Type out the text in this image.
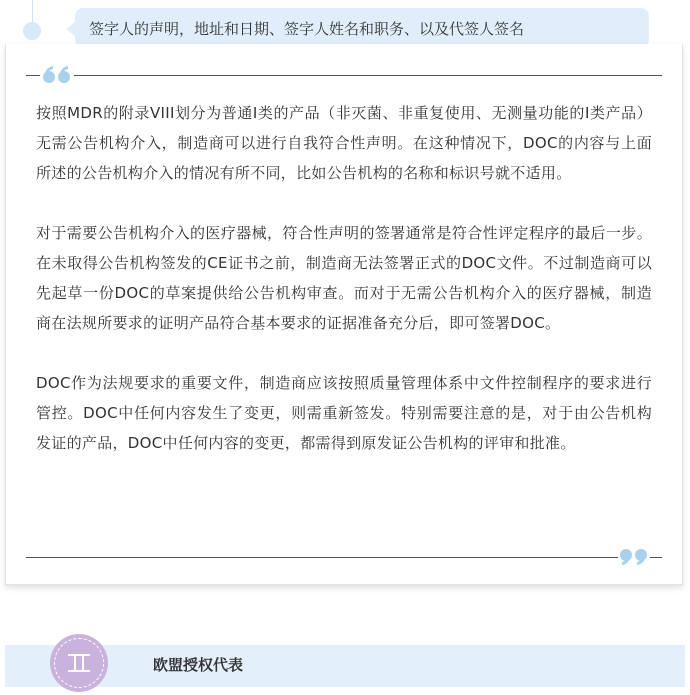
签字人的声明，地址和日期、签字人姓名和职务、以及代签人签名

按照MDR的附录VIII划分为普通I类的产品（非灭菌、非重复使用、无测量功能的I类产品）无需公告机构介入，制造商可以进行自我符合性声明。在这种情况下，DOC的内容与上面所述的公告机构介入的情况有所不同，比如公告机构的名称和标识号就不适用。

对于需要公告机构介入的医疗器械，符合性声明的签署通常是符合性评定程序的最后一步。在未取得公告机构签发的CE证书之前，制造商无法签署正式的DOC文件。不过制造商可以先起草一份DOC的草案提供给公告机构审查。而对于无需公告机构介入的医疗器械，制造商在法规所要求的证明产品符合基本要求的证据准备充分后，即可签署DOC。

DOC作为法规要求的重要文件，制造商应该按照质量管理体系中文件控制程序的要求进行管控。DOC中任何内容发生了变更，则需重新签发。特别需要注意的是，对于由公告机构发证的产品，DOC中任何内容的变更，都需得到原发证公告机构的评审和批准。

欧盟授权代表
